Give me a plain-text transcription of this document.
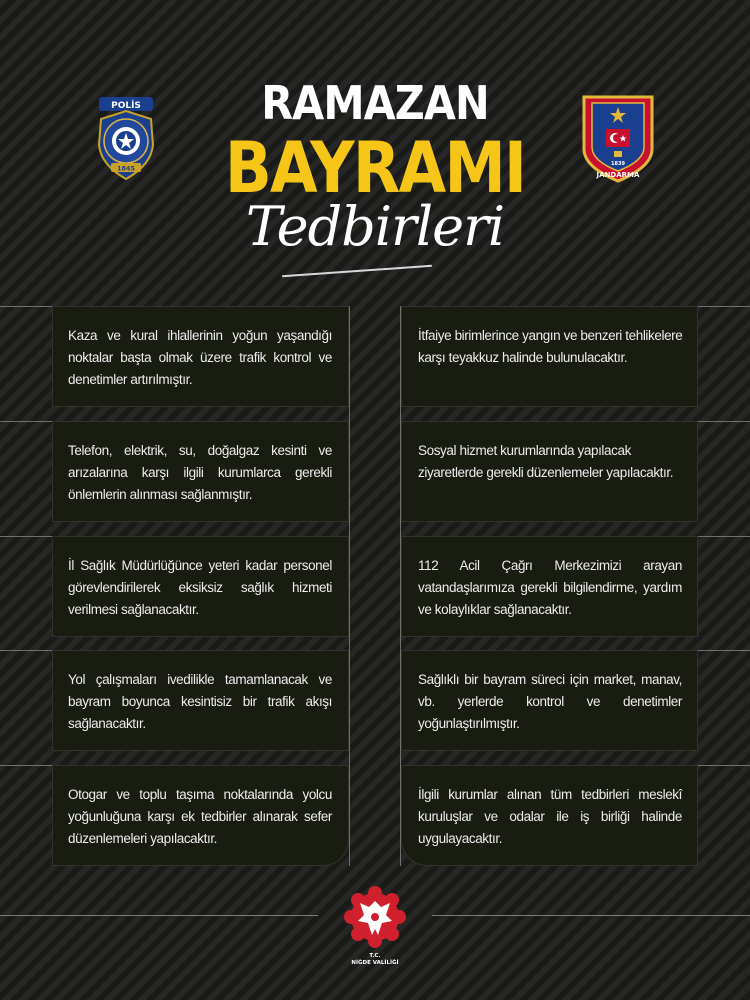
RAMAZAN
BAYRAMI
Tedbirleri
POLİS
1845
1839
JANDARMA
Kaza ve kural ihlallerinin yoğun yaşandığı noktalar başta olmak üzere trafik kontrol ve denetimler artırılmıştır.
Telefon, elektrik, su, doğalgaz kesinti ve arızalarına karşı ilgili kurumlarca gerekli önlemlerin alınması sağlanmıştır.
İl Sağlık Müdürlüğünce yeteri kadar personel görevlendirilerek eksiksiz sağlık hizmeti verilmesi sağlanacaktır.
Yol çalışmaları ivedilikle tamamlanacak ve bayram boyunca kesintisiz bir trafik akışı sağlanacaktır.
Otogar ve toplu taşıma noktalarında yolcu yoğunluğuna karşı ek tedbirler alınarak sefer düzenlemeleri yapılacaktır.
İtfaiye birimlerince yangın ve benzeri tehlikelere karşı teyakkuz halinde bulunulacaktır.
Sosyal hizmet kurumlarında yapılacak ziyaretlerde gerekli düzenlemeler yapılacaktır.
112 Acil Çağrı Merkezimizi arayan vatandaşlarımıza gerekli bilgilendirme, yardım ve kolaylıklar sağlanacaktır.
Sağlıklı bir bayram süreci için market, manav, vb. yerlerde kontrol ve denetimler yoğunlaştırılmıştır.
İlgili kurumlar alınan tüm tedbirleri meslekî kuruluşlar ve odalar ile iş birliği halinde uygulayacaktır.
T.C.
NİĞDE VALİLİĞİ
